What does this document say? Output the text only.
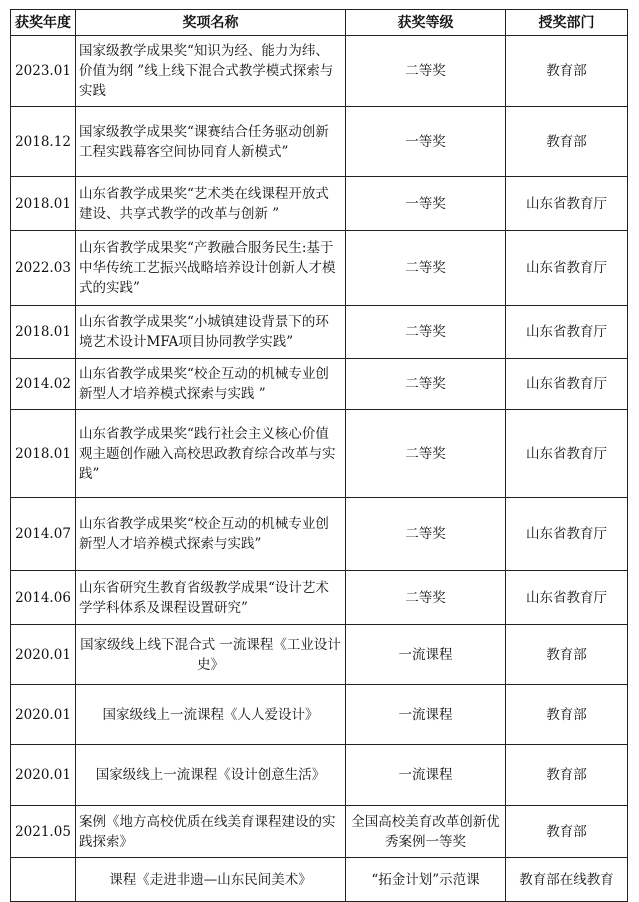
获奖年度	奖项名称	获奖等级	授奖部门
2023.01	国家级教学成果奖“知识为经、能力为纬、价值为纲 ”线上线下混合式教学模式探索与实践	二等奖	教育部
2018.12	国家级教学成果奖“课赛结合任务驱动创新工程实践幕客空间协同育人新模式”	一等奖	教育部
2018.01	山东省教学成果奖“艺术类在线课程开放式建设、共享式教学的改革与创新 ”	一等奖	山东省教育厅
2022.03	山东省教学成果奖“产教融合服务民生:基于中华传统工艺振兴战略培养设计创新人才模式的实践”	二等奖	山东省教育厅
2018.01	山东省教学成果奖“小城镇建设背景下的环境艺术设计MFA项目协同教学实践”	二等奖	山东省教育厅
2014.02	山东省教学成果奖“校企互动的机械专业创新型人才培养模式探索与实践 ”	二等奖	山东省教育厅
2018.01	山东省教学成果奖“践行社会主义核心价值观主题创作融入高校思政教育综合改革与实践”	二等奖	山东省教育厅
2014.07	山东省教学成果奖“校企互动的机械专业创新型人才培养模式探索与实践”	二等奖	山东省教育厅
2014.06	山东省研究生教育省级教学成果“设计艺术学学科体系及课程设置研究”	二等奖	山东省教育厅
2020.01	国家级线上线下混合式 一流课程《工业设计史》	一流课程	教育部
2020.01	国家级线上一流课程《人人爱设计》	一流课程	教育部
2020.01	国家级线上一流课程《设计创意生活》	一流课程	教育部
2021.05	案例《地方高校优质在线美育课程建设的实践探索》	全国高校美育改革创新优秀案例一等奖	教育部
	课程《走进非遗—山东民间美术》	“拓金计划”示范课	教育部在线教育
